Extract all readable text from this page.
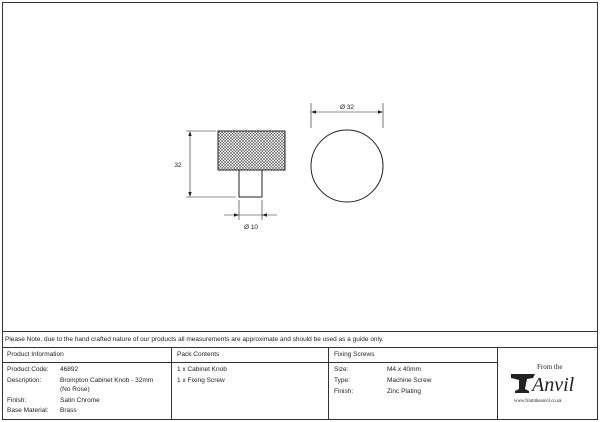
32
Ø 10
Ø 32
Please Note, due to the hand crafted nature of our products all measurements are approximate and should be used as a guide only.
Product Information
Product Code: 46892
Description:	Brompton Cabinet Knob - 32mm
(No Rose)
Finish:	Satin Chrome
Base Material: Brass
Pack Contents
1 x Cabinet Knob
1 x Fixing Screw
Fixing Screws
Size:	M4 x 40mm
Type:	Machine Screw
Finish:	Zinc Plating
From the
Anvil
www.fromtheanvil.co.uk
